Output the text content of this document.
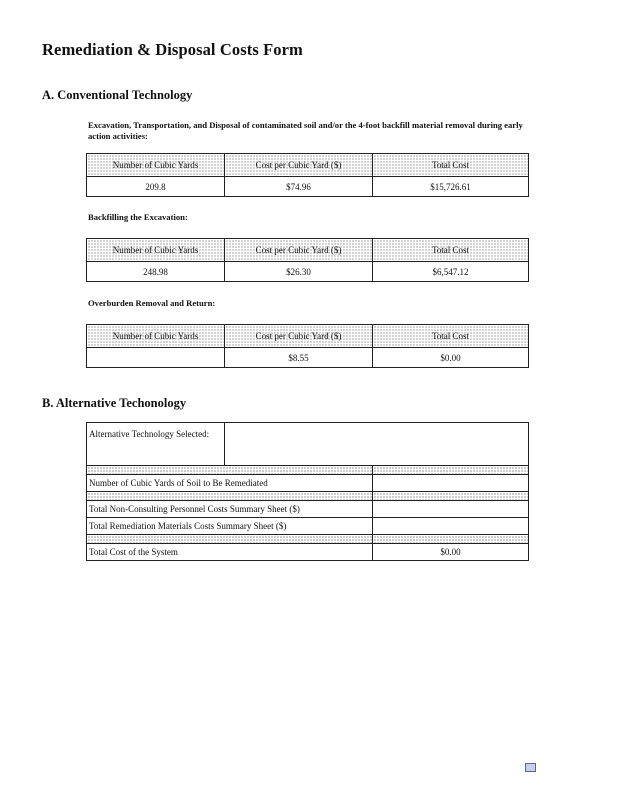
Remediation & Disposal Costs Form
A. Conventional Technology
Excavation, Transportation, and Disposal of contaminated soil and/or the 4-foot backfill material removal during early action activities:
Number of Cubic Yards	Cost per Cubic Yard ($)	Total Cost
209.8	$74.96	$15,726.61
Backfilling the Excavation:
Number of Cubic Yards	Cost per Cubic Yard ($)	Total Cost
248.98	$26.30	$6,547.12
Overburden Removal and Return:
Number of Cubic Yards	Cost per Cubic Yard ($)	Total Cost
	$8.55	$0.00
B. Alternative Techonology
Alternative Technology Selected:		

Number of Cubic Yards of Soil to Be Remediated		

Total Non-Consulting Personnel Costs Summary Sheet ($)		
Total Remediation Materials Costs Summary Sheet ($)		

Total Cost of the System		$0.00
